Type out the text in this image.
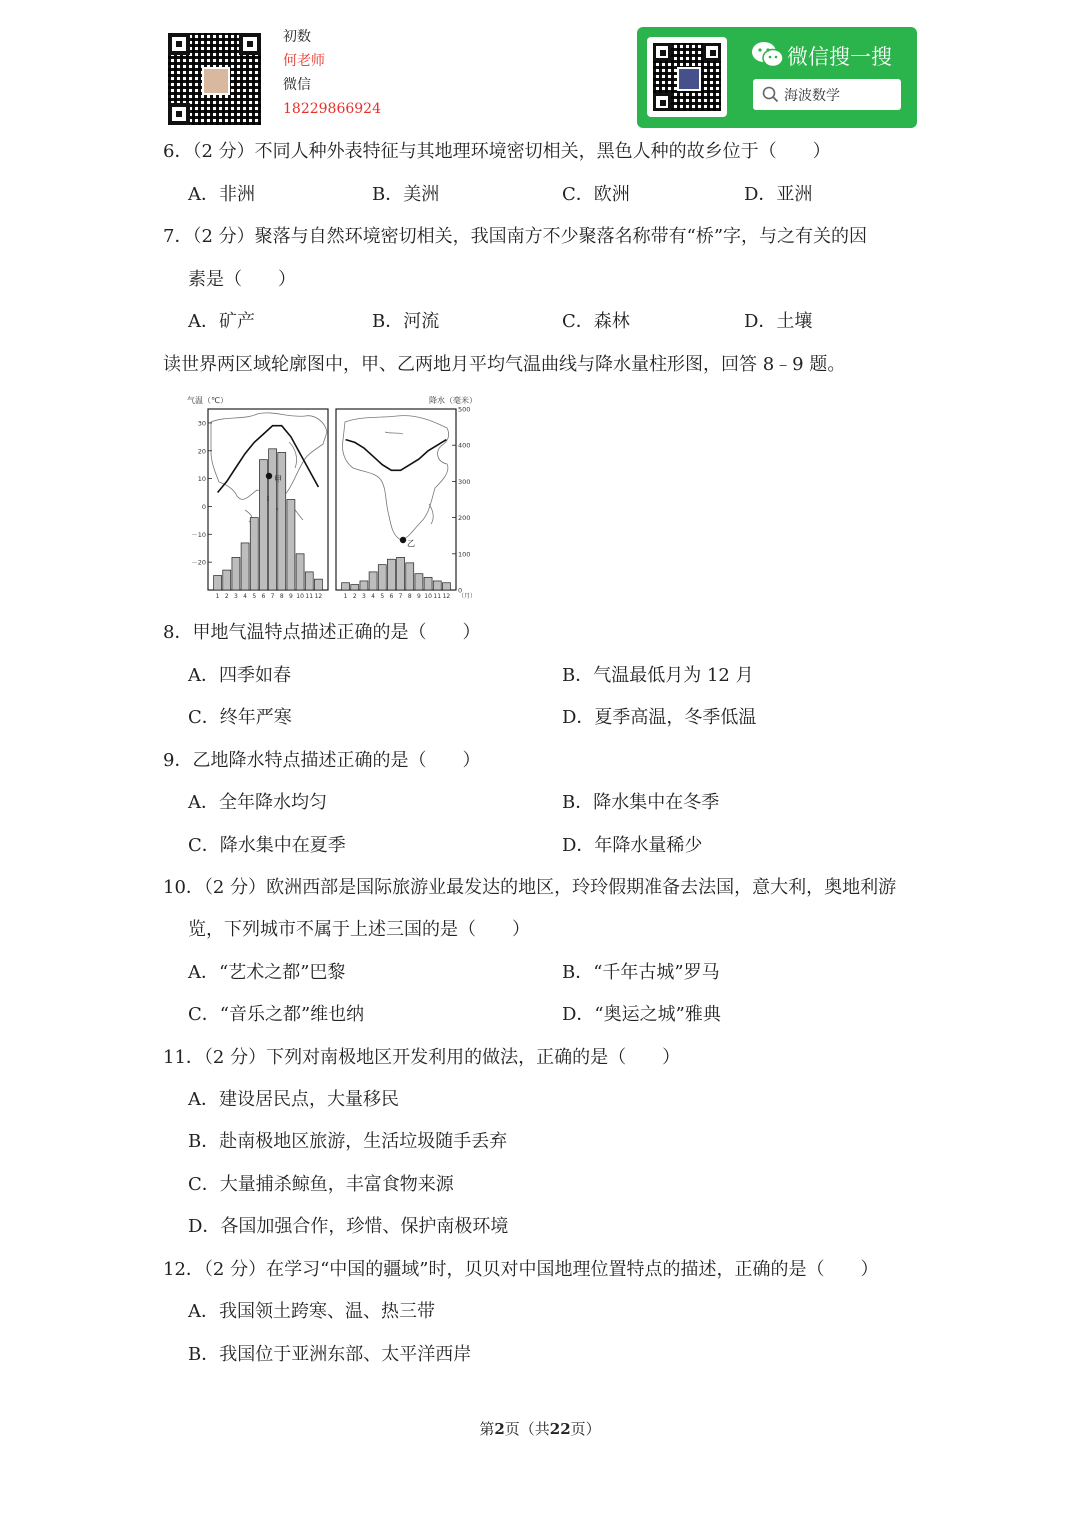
初数
何老师
微信
18229866924
微信搜一搜
海波数学
6．（2 分）不同人种外表特征与其地理环境密切相关，黑色人种的故乡位于（　　）
A．非洲	B．美洲	C．欧洲	D．亚洲
7．（2 分）聚落与自然环境密切相关，我国南方不少聚落名称带有“桥”字，与之有关的因
素是（　　）
A．矿产	B．河流	C．森林	D．土壤
读世界两区域轮廓图中，甲、乙两地月平均气温曲线与降水量柱形图，回答 8﹣9 题。
气温（℃）	降水（毫米）
1 2 3 4 5 6 7 8 9 10 11 12
30
20
10
0
－10
－20
1 2 3 4 5 6 7 8 9 10 11 12
500
400
300
200
100
0
（月）
甲
乙
8．甲地气温特点描述正确的是（　　）
A．四季如春	B．气温最低月为 12 月
C．终年严寒	D．夏季高温，冬季低温
9．乙地降水特点描述正确的是（　　）
A．全年降水均匀	B．降水集中在冬季
C．降水集中在夏季	D．年降水量稀少
10．（2 分）欧洲西部是国际旅游业最发达的地区，玲玲假期准备去法国，意大利，奥地利游
览，下列城市不属于上述三国的是（　　）
A．“艺术之都”巴黎	B．“千年古城”罗马
C．“音乐之都”维也纳	D．“奥运之城”雅典
11．（2 分）下列对南极地区开发利用的做法，正确的是（　　）
A．建设居民点，大量移民
B．赴南极地区旅游，生活垃圾随手丢弃
C．大量捕杀鲸鱼，丰富食物来源
D．各国加强合作，珍惜、保护南极环境
12．（2 分）在学习“中国的疆域”时，贝贝对中国地理位置特点的描述，正确的是（　　）
A．我国领土跨寒、温、热三带
B．我国位于亚洲东部、太平洋西岸
第2页（共22页）
